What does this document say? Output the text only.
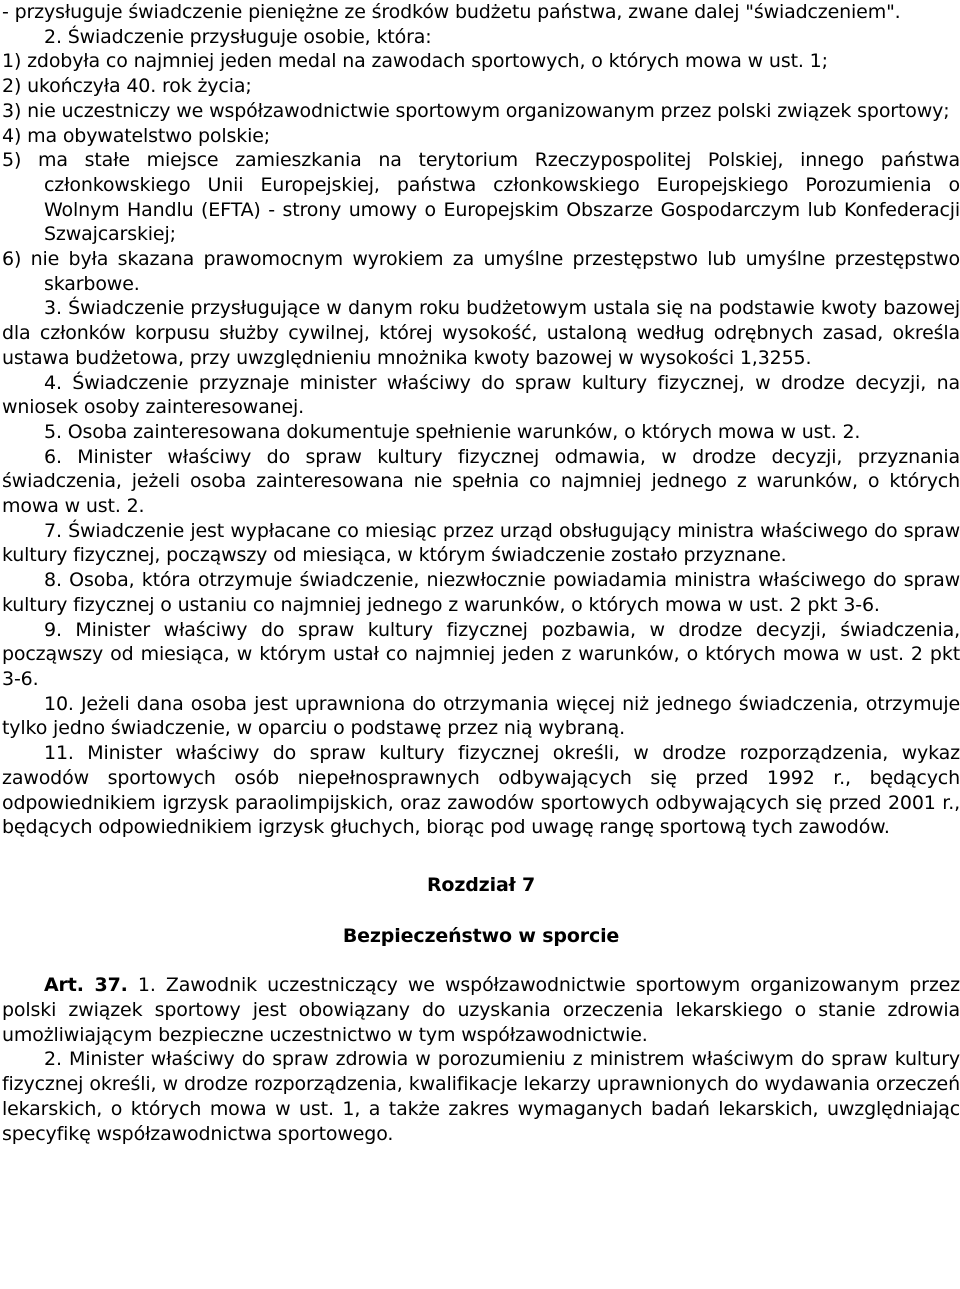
- przysługuje świadczenie pieniężne ze środków budżetu państwa, zwane dalej "świadczeniem".

2. Świadczenie przysługuje osobie, która:

1) zdobyła co najmniej jeden medal na zawodach sportowych, o których mowa w ust. 1;

2) ukończyła 40. rok życia;

3) nie uczestniczy we współzawodnictwie sportowym organizowanym przez polski związek sportowy;

4) ma obywatelstwo polskie;

5) ma stałe miejsce zamieszkania na terytorium Rzeczypospolitej Polskiej, innego państwa członkowskiego Unii Europejskiej, państwa członkowskiego Europejskiego Porozumienia o Wolnym Handlu (EFTA) - strony umowy o Europejskim Obszarze Gospodarczym lub Konfederacji Szwajcarskiej;

6) nie była skazana prawomocnym wyrokiem za umyślne przestępstwo lub umyślne przestępstwo skarbowe.

3. Świadczenie przysługujące w danym roku budżetowym ustala się na podstawie kwoty bazowej dla członków korpusu służby cywilnej, której wysokość, ustaloną według odrębnych zasad, określa ustawa budżetowa, przy uwzględnieniu mnożnika kwoty bazowej w wysokości 1,3255.

4. Świadczenie przyznaje minister właściwy do spraw kultury fizycznej, w drodze decyzji, na wniosek osoby zainteresowanej.

5. Osoba zainteresowana dokumentuje spełnienie warunków, o których mowa w ust. 2.

6. Minister właściwy do spraw kultury fizycznej odmawia, w drodze decyzji, przyznania świadczenia, jeżeli osoba zainteresowana nie spełnia co najmniej jednego z warunków, o których mowa w ust. 2.

7. Świadczenie jest wypłacane co miesiąc przez urząd obsługujący ministra właściwego do spraw kultury fizycznej, począwszy od miesiąca, w którym świadczenie zostało przyznane.

8. Osoba, która otrzymuje świadczenie, niezwłocznie powiadamia ministra właściwego do spraw kultury fizycznej o ustaniu co najmniej jednego z warunków, o których mowa w ust. 2 pkt 3-6.

9. Minister właściwy do spraw kultury fizycznej pozbawia, w drodze decyzji, świadczenia, począwszy od miesiąca, w którym ustał co najmniej jeden z warunków, o których mowa w ust. 2 pkt 3-6.

10. Jeżeli dana osoba jest uprawniona do otrzymania więcej niż jednego świadczenia, otrzymuje tylko jedno świadczenie, w oparciu o podstawę przez nią wybraną.

11. Minister właściwy do spraw kultury fizycznej określi, w drodze rozporządzenia, wykaz zawodów sportowych osób niepełnosprawnych odbywających się przed 1992 r., będących odpowiednikiem igrzysk paraolimpijskich, oraz zawodów sportowych odbywających się przed 2001 r., będących odpowiednikiem igrzysk głuchych, biorąc pod uwagę rangę sportową tych zawodów.

Rozdział 7

Bezpieczeństwo w sporcie

Art. 37. 1. Zawodnik uczestniczący we współzawodnictwie sportowym organizowanym przez polski związek sportowy jest obowiązany do uzyskania orzeczenia lekarskiego o stanie zdrowia umożliwiającym bezpieczne uczestnictwo w tym współzawodnictwie.

2. Minister właściwy do spraw zdrowia w porozumieniu z ministrem właściwym do spraw kultury fizycznej określi, w drodze rozporządzenia, kwalifikacje lekarzy uprawnionych do wydawania orzeczeń lekarskich, o których mowa w ust. 1, a także zakres wymaganych badań lekarskich, uwzględniając specyfikę współzawodnictwa sportowego.
